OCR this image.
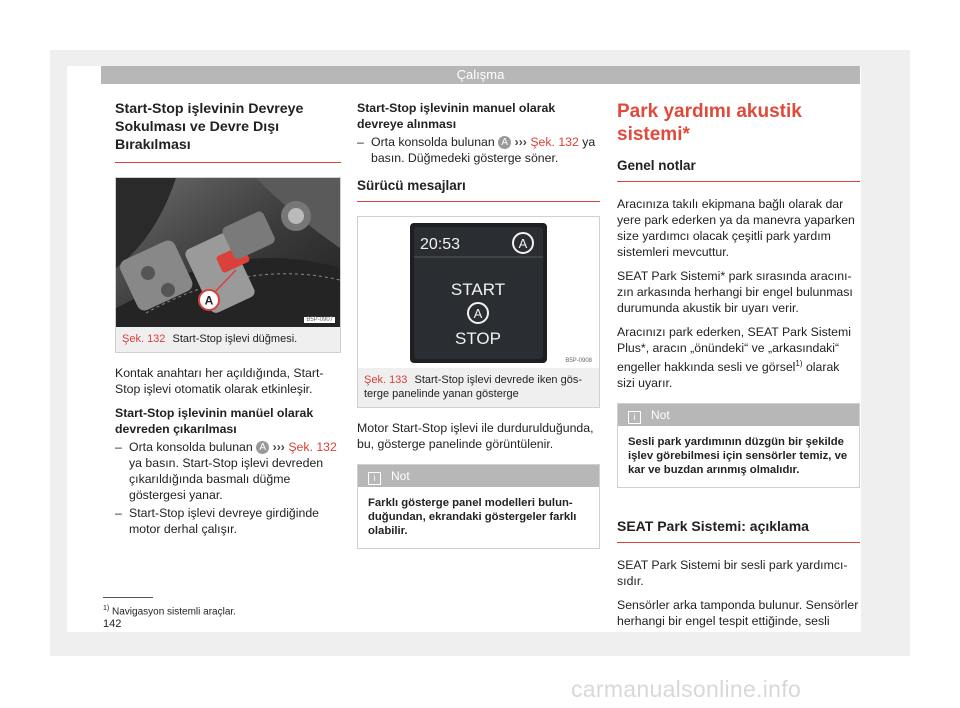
Çalışma

Start-Stop işlevinin Devreye Sokulması ve Devre Dışı Bırakılması

A
B5P-0907
Şek. 132 Start-Stop işlevi düğmesi.

Kontak anahtarı her açıldığında, Start-Stop işlevi otomatik olarak etkinleşir.

Start-Stop işlevinin manüel olarak devreden çıkarılması

– Orta konsolda bulunan A ››› Şek. 132 ya basın. Start-Stop işlevi devreden çıkarıldığında basmalı düğme göstergesi yanar.

– Start-Stop işlevi devreye girdiğinde motor derhal çalışır.

Start-Stop işlevinin manuel olarak devreye alınması

– Orta konsolda bulunan A ››› Şek. 132 ya basın. Düğmedeki gösterge söner.

Sürücü mesajları

20:53	A
START
A
STOP
B5P-0908
Şek. 133 Start-Stop işlevi devrede iken gösterge panelinde yanan gösterge

Motor Start-Stop işlevi ile durdurulduğunda, bu, gösterge panelinde görüntülenir.

i Not
Farklı gösterge panel modelleri bulunduğundan, ekrandaki göstergeler farklı olabilir.

Park yardımı akustik sistemi*

Genel notlar

Aracınıza takılı ekipmana bağlı olarak dar yere park ederken ya da manevra yaparken size yardımcı olacak çeşitli park yardım sistemleri mevcuttur.

SEAT Park Sistemi* park sırasında aracınızın arkasında herhangi bir engel bulunması durumunda akustik bir uyarı verir.

Aracınızı park ederken, SEAT Park Sistemi Plus*, aracın „önündeki“ ve „arkasındaki“ engeller hakkında sesli ve görsel$^{1)}$ olarak sizi uyarır.

i Not
Sesli park yardımının düzgün bir şekilde işlev görebilmesi için sensörler temiz, ve kar ve buzdan arınmış olmalıdır.

SEAT Park Sistemi: açıklama

SEAT Park Sistemi bir sesli park yardımcısıdır.

Sensörler arka tamponda bulunur. Sensörler herhangi bir engel tespit ettiğinde, sesli

$^{1)}$ Navigasyon sistemli araçlar.
142
carmanualsonline.info
